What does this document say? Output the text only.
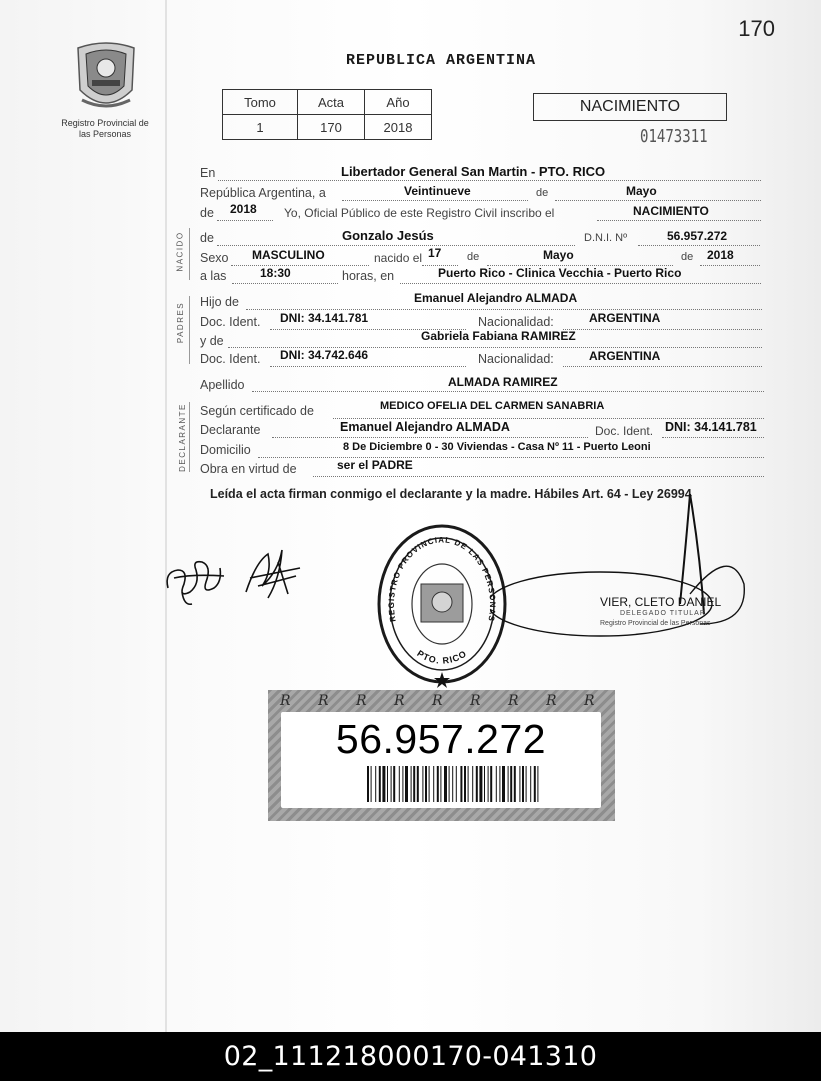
170
Registro Provincial de las Personas
REPUBLICA ARGENTINA
Tomo	Acta	Año
1	170	2018
NACIMIENTO
01473311
NACIDO
PADRES
DECLARANTE
En	Libertador General San Martin - PTO. RICO
República Argentina, a	Veintinueve	de	Mayo
de 2018 Yo, Oficial Público de este Registro Civil inscribo el	NACIMIENTO
de	Gonzalo Jesús	D.N.I. Nº	56.957.272
Sexo MASCULINO	nacido el 17 de	Mayo	de 2018
a las	18:30	horas, en	Puerto Rico - Clinica Vecchia - Puerto Rico
Hijo de	Emanuel Alejandro ALMADA
Doc. Ident. DNI: 34.141.781	Nacionalidad:	ARGENTINA
y de	Gabriela Fabiana RAMIREZ
Doc. Ident. DNI: 34.742.646	Nacionalidad:	ARGENTINA
Apellido	ALMADA RAMIREZ
Según certificado de	MEDICO OFELIA DEL CARMEN SANABRIA
Declarante	Emanuel Alejandro ALMADA	Doc. Ident. DNI: 34.141.781
Domicilio	8 De Diciembre 0 - 30 Viviendas - Casa Nº 11 - Puerto Leoni
Obra en virtud de	ser el PADRE
Leída el acta firman conmigo el declarante y la madre. Hábiles Art. 64 - Ley 26994
REGISTRO PROVINCIAL DE LAS PERSONAS
PTO. RICO
VIER, CLETO DANIEL
DELEGADO TITULAR
Registro Provincial de las Personas
R R R R R R R R R
56.957.272
02_111218000170-041310
